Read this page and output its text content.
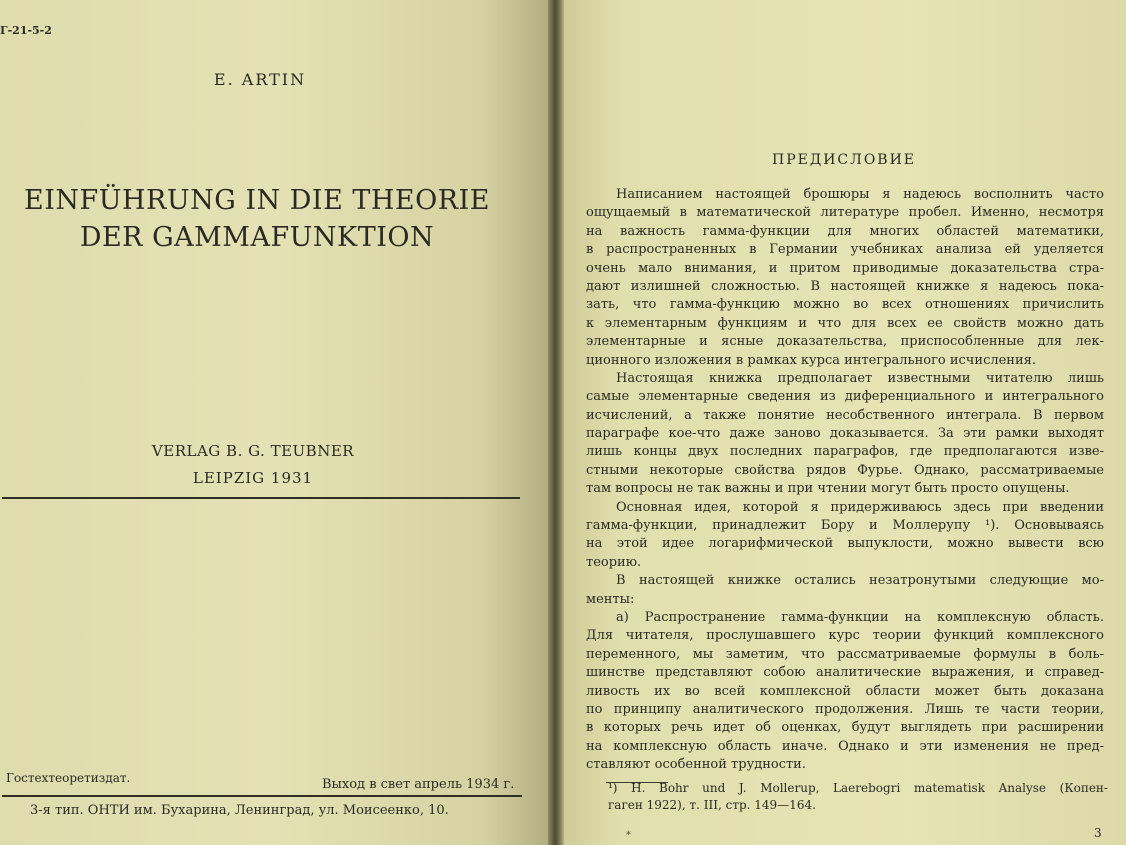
Г-21-5-2
E. ARTIN
EINFÜHRUNG IN DIE THEORIE
DER GAMMAFUNKTION
VERLAG B. G. TEUBNER
LEIPZIG 1931
Гостехтеоретиздат.	Выход в свет апрель 1934 г.
3-я тип. ОНТИ им. Бухарина, Ленинград, ул. Моисеенко, 10.
ПРЕДИСЛОВИЕ
Написанием настоящей брошюры я надеюсь восполнить часто
ощущаемый в математической литературе пробел. Именно, несмотря
на важность гамма-функции для многих областей математики,
в распространенных в Германии учебниках анализа ей уделяется
очень мало внимания, и притом приводимые доказательства стра-
дают излишней сложностью. В настоящей книжке я надеюсь пока-
зать, что гамма-функцию можно во всех отношениях причислить
к элементарным функциям и что для всех ее свойств можно дать
элементарные и ясные доказательства, приспособленные для лек-
ционного изложения в рамках курса интегрального исчисления.
Настоящая книжка предполагает известными читателю лишь
самые элементарные сведения из диференциального и интегрального
исчислений, а также понятие несобственного интеграла. В первом
параграфе кое-что даже заново доказывается. За эти рамки выходят
лишь концы двух последних параграфов, где предполагаются изве-
стными некоторые свойства рядов Фурье. Однако, рассматриваемые
там вопросы не так важны и при чтении могут быть просто опущены.
Основная идея, которой я придерживаюсь здесь при введении
гамма-функции, принадлежит Бору и Моллерупу ¹). Основываясь
на этой идее логарифмической выпуклости, можно вывести всю
теорию.
В настоящей книжке остались незатронутыми следующие мо-
менты:
а) Распространение гамма-функции на комплексную область.
Для читателя, прослушавшего курс теории функций комплексного
переменного, мы заметим, что рассматриваемые формулы в боль-
шинстве представляют собою аналитические выражения, и справед-
ливость их во всей комплексной области может быть доказана
по принципу аналитического продолжения. Лишь те части теории,
в которых речь идет об оценках, будут выглядеть при расширении
на комплексную область иначе. Однако и эти изменения не пред-
ставляют особенной трудности.
¹) H. Bohr und J. Mollerup, Laerebogri matematisk Analyse (Копен-
гаген 1922), т. III, стр. 149—164.
*	3
